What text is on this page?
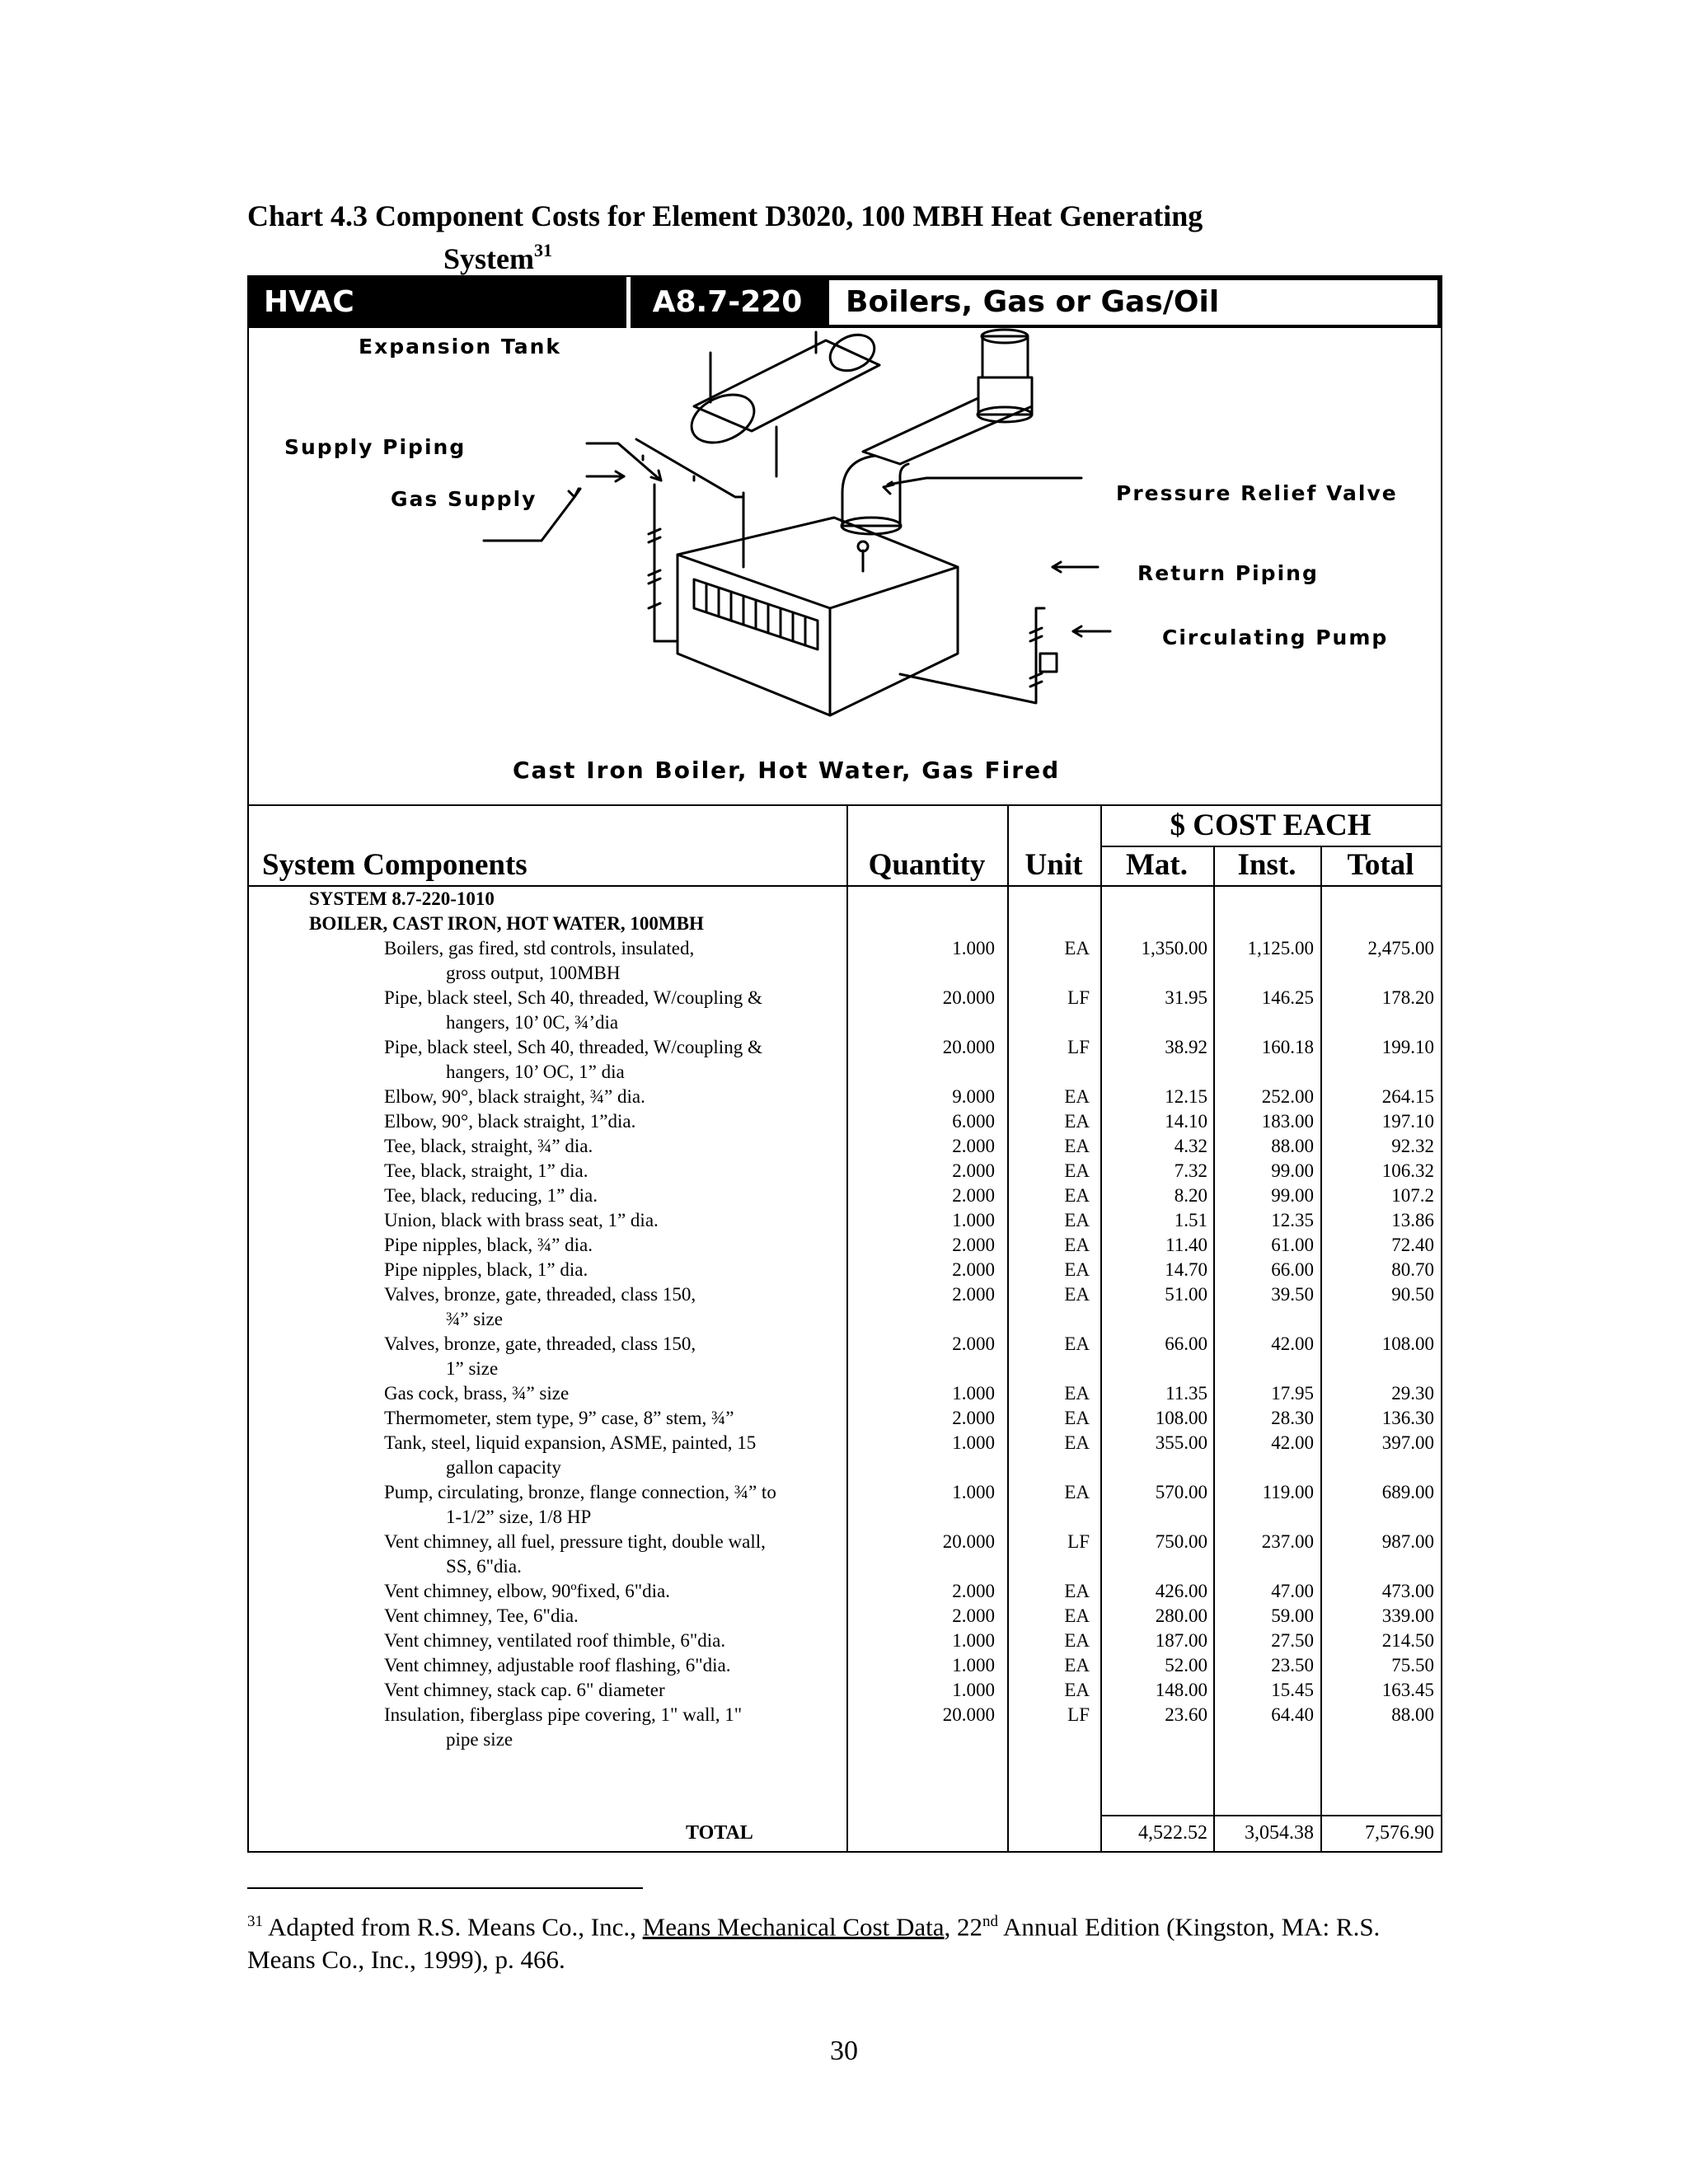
Chart 4.3 Component Costs for Element D3020, 100 MBH Heat Generating
System$^{31}$
HVAC	A8.7-220	Boilers, Gas or Gas/Oil
Expansion Tank
Supply Piping
Gas Supply	Pressure Relief Valve
Return Piping
Circulating Pump
Cast Iron Boiler, Hot Water, Gas Fired
$ COST EACH
System Components	Quantity	Unit	Mat.	Inst.	Total
SYSTEM 8.7-220-1010
BOILER, CAST IRON, HOT WATER, 100MBH
Boilers, gas fired, std controls, insulated,
gross output, 100MBH
1.000	EA	1,350.00	1,125.00	2,475.00
Pipe, black steel, Sch 40, threaded, W/coupling &
hangers, 10’ 0C, ¾’dia
20.000	LF	31.95	146.25	178.20
Pipe, black steel, Sch 40, threaded, W/coupling &
hangers, 10’ OC, 1” dia
20.000	LF	38.92	160.18	199.10
Elbow, 90°, black straight, ¾” dia.	9.000	EA	12.15	252.00	264.15
Elbow, 90°, black straight, 1”dia.	6.000	EA	14.10	183.00	197.10
Tee, black, straight, ¾” dia.	2.000	EA	4.32	88.00	92.32
Tee, black, straight, 1” dia.	2.000	EA	7.32	99.00	106.32
Tee, black, reducing, 1” dia.	2.000	EA	8.20	99.00	107.2
Union, black with brass seat, 1” dia.	1.000	EA	1.51	12.35	13.86
Pipe nipples, black, ¾” dia.	2.000	EA	11.40	61.00	72.40
Pipe nipples, black, 1” dia.	2.000	EA	14.70	66.00	80.70
Valves, bronze, gate, threaded, class 150,
¾” size
2.000	EA	51.00	39.50	90.50
Valves, bronze, gate, threaded, class 150,
1” size
2.000	EA	66.00	42.00	108.00
Gas cock, brass, ¾” size	1.000	EA	11.35	17.95	29.30
Thermometer, stem type, 9” case, 8” stem, ¾”	2.000	EA	108.00	28.30	136.30
Tank, steel, liquid expansion, ASME, painted, 15
gallon capacity
1.000	EA	355.00	42.00	397.00
Pump, circulating, bronze, flange connection, ¾” to
1-1/2” size, 1/8 HP
1.000	EA	570.00	119.00	689.00
Vent chimney, all fuel, pressure tight, double wall,
SS, 6"dia.
20.000	LF	750.00	237.00	987.00
Vent chimney, elbow, 90ºfixed, 6"dia.	2.000	EA	426.00	47.00	473.00
Vent chimney, Tee, 6"dia.	2.000	EA	280.00	59.00	339.00
Vent chimney, ventilated roof thimble, 6"dia.	1.000	EA	187.00	27.50	214.50
Vent chimney, adjustable roof flashing, 6"dia.	1.000	EA	52.00	23.50	75.50
Vent chimney, stack cap. 6" diameter	1.000	EA	148.00	15.45	163.45
Insulation, fiberglass pipe covering, 1" wall, 1"
pipe size
20.000	LF	23.60	64.40	88.00
TOTAL	4,522.52	3,054.38	7,576.90
$^{31}$ Adapted from R.S. Means Co., Inc., Means Mechanical Cost Data, 22nd Annual Edition (Kingston, MA: R.S. Means Co., Inc., 1999), p. 466.
30
